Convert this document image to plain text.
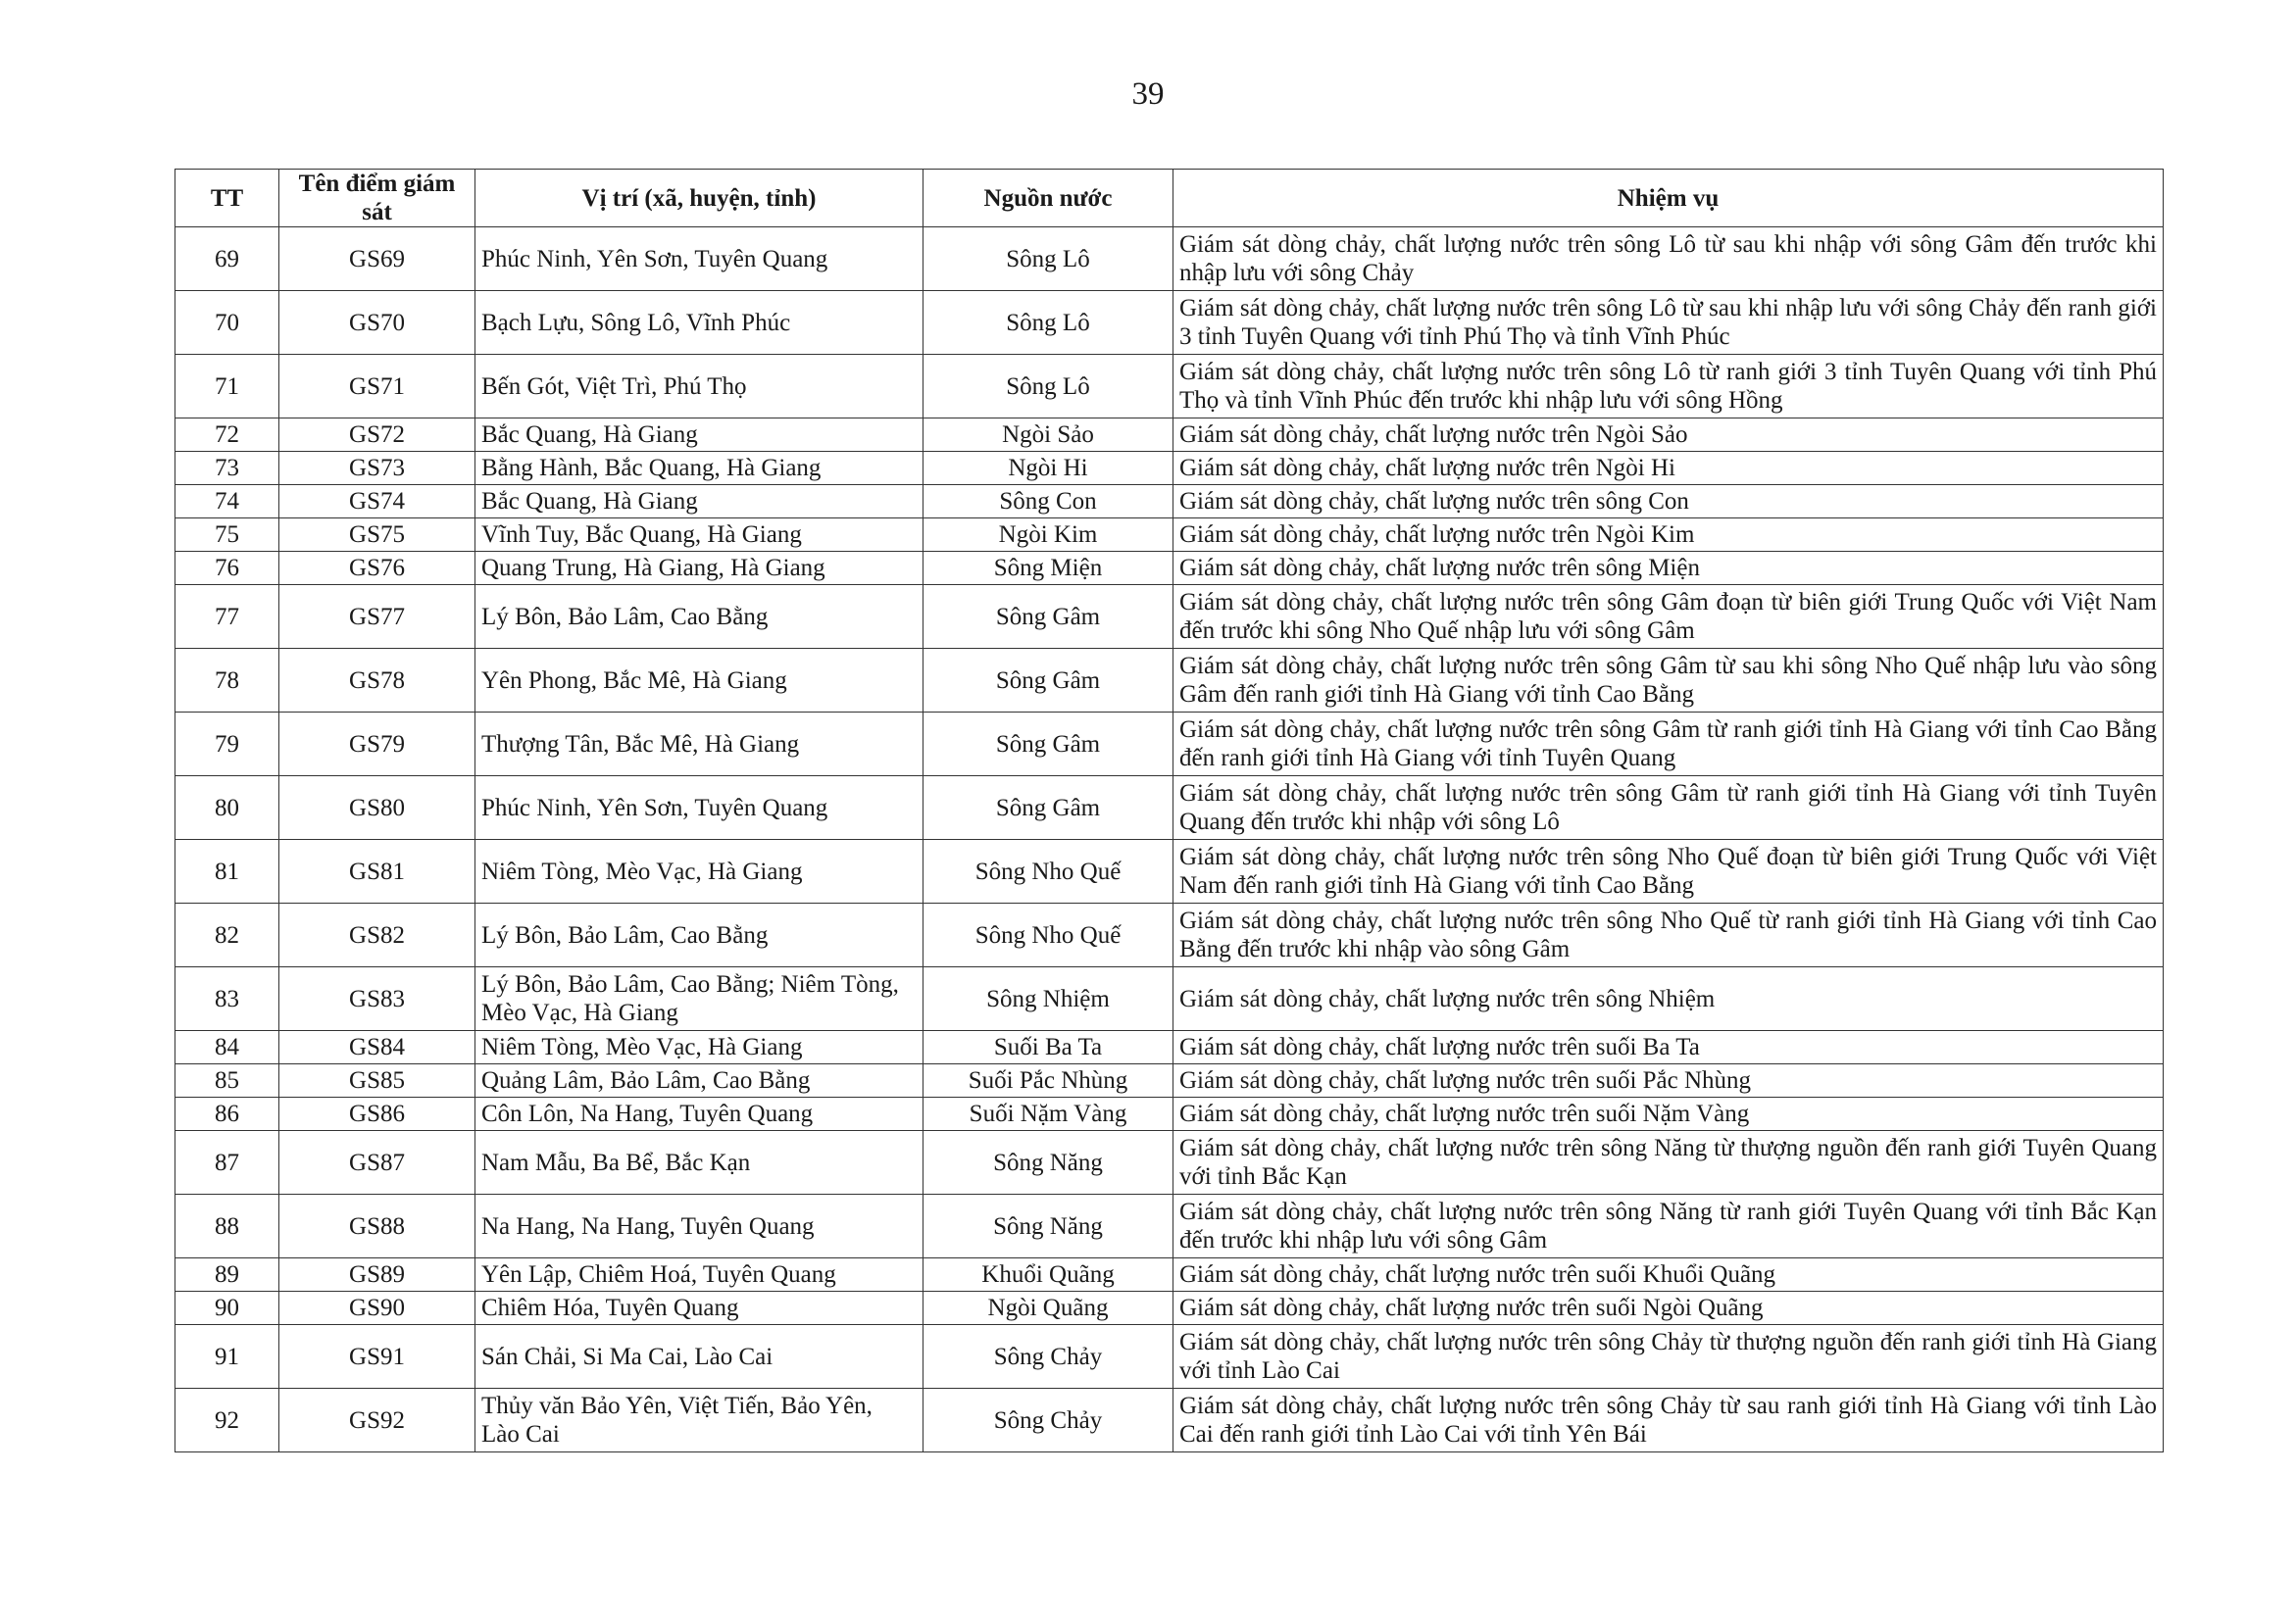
39
TT	Tên điểm giám sát	Vị trí (xã, huyện, tỉnh)	Nguồn nước	Nhiệm vụ
69	GS69	Phúc Ninh, Yên Sơn, Tuyên Quang	Sông Lô	Giám sát dòng chảy, chất lượng nước trên sông Lô từ sau khi nhập với sông Gâm đến trước khi nhập lưu với sông Chảy
70	GS70	Bạch Lựu, Sông Lô, Vĩnh Phúc	Sông Lô	Giám sát dòng chảy, chất lượng nước trên sông Lô từ sau khi nhập lưu với sông Chảy đến ranh giới 3 tỉnh Tuyên Quang với tỉnh Phú Thọ và tỉnh Vĩnh Phúc
71	GS71	Bến Gót, Việt Trì, Phú Thọ	Sông Lô	Giám sát dòng chảy, chất lượng nước trên sông Lô từ ranh giới 3 tỉnh Tuyên Quang với tỉnh Phú Thọ và tỉnh Vĩnh Phúc đến trước khi nhập lưu với sông Hồng
72	GS72	Bắc Quang, Hà Giang	Ngòi Sảo	Giám sát dòng chảy, chất lượng nước trên Ngòi Sảo
73	GS73	Bằng Hành, Bắc Quang, Hà Giang	Ngòi Hi	Giám sát dòng chảy, chất lượng nước trên Ngòi Hi
74	GS74	Bắc Quang, Hà Giang	Sông Con	Giám sát dòng chảy, chất lượng nước trên sông Con
75	GS75	Vĩnh Tuy, Bắc Quang, Hà Giang	Ngòi Kim	Giám sát dòng chảy, chất lượng nước trên Ngòi Kim
76	GS76	Quang Trung, Hà Giang, Hà Giang	Sông Miện	Giám sát dòng chảy, chất lượng nước trên sông Miện
77	GS77	Lý Bôn, Bảo Lâm, Cao Bằng	Sông Gâm	Giám sát dòng chảy, chất lượng nước trên sông Gâm đoạn từ biên giới Trung Quốc với Việt Nam đến trước khi sông Nho Quế nhập lưu với sông Gâm
78	GS78	Yên Phong, Bắc Mê, Hà Giang	Sông Gâm	Giám sát dòng chảy, chất lượng nước trên sông Gâm từ sau khi sông Nho Quế nhập lưu vào sông Gâm đến ranh giới tỉnh Hà Giang với tỉnh Cao Bằng
79	GS79	Thượng Tân, Bắc Mê, Hà Giang	Sông Gâm	Giám sát dòng chảy, chất lượng nước trên sông Gâm từ ranh giới tỉnh Hà Giang với tỉnh Cao Bằng đến ranh giới tỉnh Hà Giang với tỉnh Tuyên Quang
80	GS80	Phúc Ninh, Yên Sơn, Tuyên Quang	Sông Gâm	Giám sát dòng chảy, chất lượng nước trên sông Gâm từ ranh giới tỉnh Hà Giang với tỉnh Tuyên Quang đến trước khi nhập với sông Lô
81	GS81	Niêm Tòng, Mèo Vạc, Hà Giang	Sông Nho Quế	Giám sát dòng chảy, chất lượng nước trên sông Nho Quế đoạn từ biên giới Trung Quốc với Việt Nam đến ranh giới tỉnh Hà Giang với tỉnh Cao Bằng
82	GS82	Lý Bôn, Bảo Lâm, Cao Bằng	Sông Nho Quế	Giám sát dòng chảy, chất lượng nước trên sông Nho Quế từ ranh giới tỉnh Hà Giang với tỉnh Cao Bằng đến trước khi nhập vào sông Gâm
83	GS83	Lý Bôn, Bảo Lâm, Cao Bằng; Niêm Tòng, Mèo Vạc, Hà Giang	Sông Nhiệm	Giám sát dòng chảy, chất lượng nước trên sông Nhiệm
84	GS84	Niêm Tòng, Mèo Vạc, Hà Giang	Suối Ba Ta	Giám sát dòng chảy, chất lượng nước trên suối Ba Ta
85	GS85	Quảng Lâm, Bảo Lâm, Cao Bằng	Suối Pắc Nhùng	Giám sát dòng chảy, chất lượng nước trên suối Pắc Nhùng
86	GS86	Côn Lôn, Na Hang, Tuyên Quang	Suối Nặm Vàng	Giám sát dòng chảy, chất lượng nước trên suối Nặm Vàng
87	GS87	Nam Mẫu, Ba Bể, Bắc Kạn	Sông Năng	Giám sát dòng chảy, chất lượng nước trên sông Năng từ thượng nguồn đến ranh giới Tuyên Quang với tỉnh Bắc Kạn
88	GS88	Na Hang, Na Hang, Tuyên Quang	Sông Năng	Giám sát dòng chảy, chất lượng nước trên sông Năng từ ranh giới Tuyên Quang với tỉnh Bắc Kạn đến trước khi nhập lưu với sông Gâm
89	GS89	Yên Lập, Chiêm Hoá, Tuyên Quang	Khuổi Quãng	Giám sát dòng chảy, chất lượng nước trên suối Khuổi Quãng
90	GS90	Chiêm Hóa, Tuyên Quang	Ngòi Quãng	Giám sát dòng chảy, chất lượng nước trên suối Ngòi Quãng
91	GS91	Sán Chải, Si Ma Cai, Lào Cai	Sông Chảy	Giám sát dòng chảy, chất lượng nước trên sông Chảy từ thượng nguồn đến ranh giới tỉnh Hà Giang với tỉnh Lào Cai
92	GS92	Thủy văn Bảo Yên, Việt Tiến, Bảo Yên, Lào Cai	Sông Chảy	Giám sát dòng chảy, chất lượng nước trên sông Chảy từ sau ranh giới tỉnh Hà Giang với tỉnh Lào Cai đến ranh giới tỉnh Lào Cai với tỉnh Yên Bái
